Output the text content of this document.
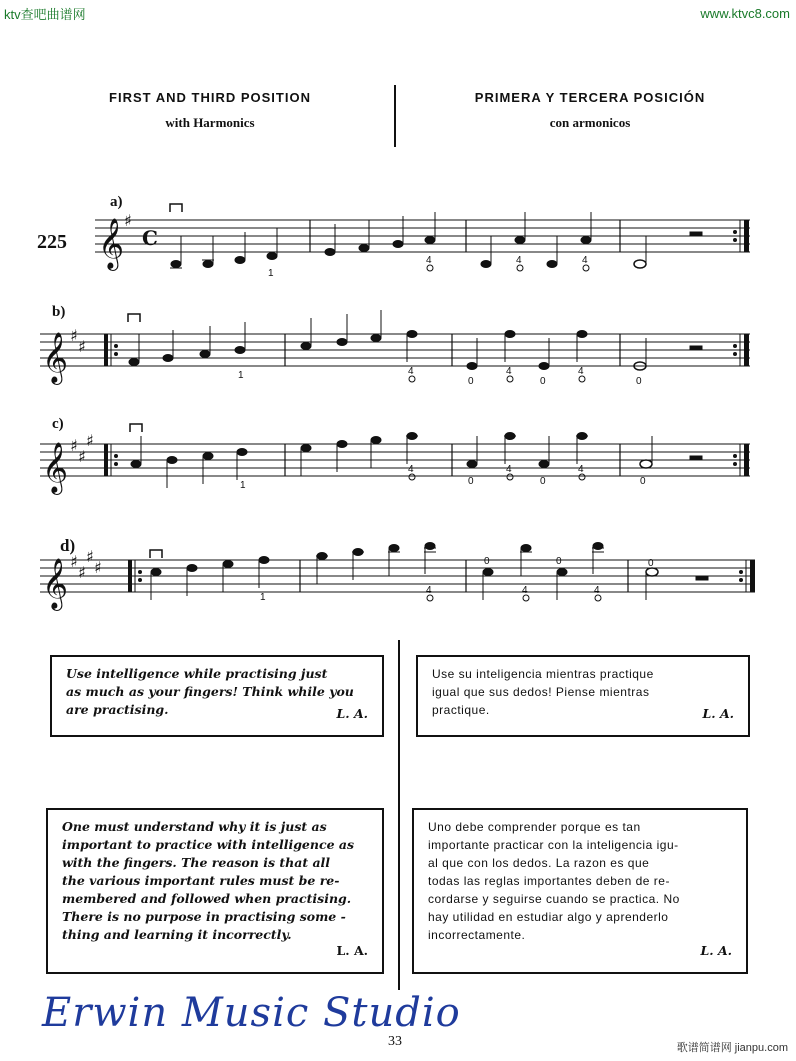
ktv查吧曲谱网	www.ktvc8.com
FIRST AND THIRD POSITION
with Harmonics
PRIMERA Y TERCERA POSICIÓN
con armonicos
225
a)
b)
c)
d)
𝄞
𝄞
𝄞
𝄞
♯
♯
♯
♯
♯
♯
♯
♯
♯
♯
C
1
1
1
1
4	4	4
4	4	4
4	4	4
4	4	4
0	0	0
0	0	0
0	0	0
Use intelligence while practising just
as much as your fingers! Think while you
are practising.	L. A.
Use su inteligencia mientras practique
igual que sus dedos! Piense mientras
practique.	L. A.
One must understand why it is just as
important to practice with intelligence as
with the fingers. The reason is that all
the various important rules must be re-
membered and followed when practising.
There is no purpose in practising some -
thing and learning it incorrectly.
L. A.
Uno debe comprender porque es tan
importante practicar con la inteligencia igu-
al que con los dedos. La razon es que
todas las reglas importantes deben de re-
cordarse y seguirse cuando se practica. No
hay utilidad en estudiar algo y aprenderlo
incorrectamente.
L. A.
Erwin Music Studio
33	歌谱简谱网 jianpu.com
